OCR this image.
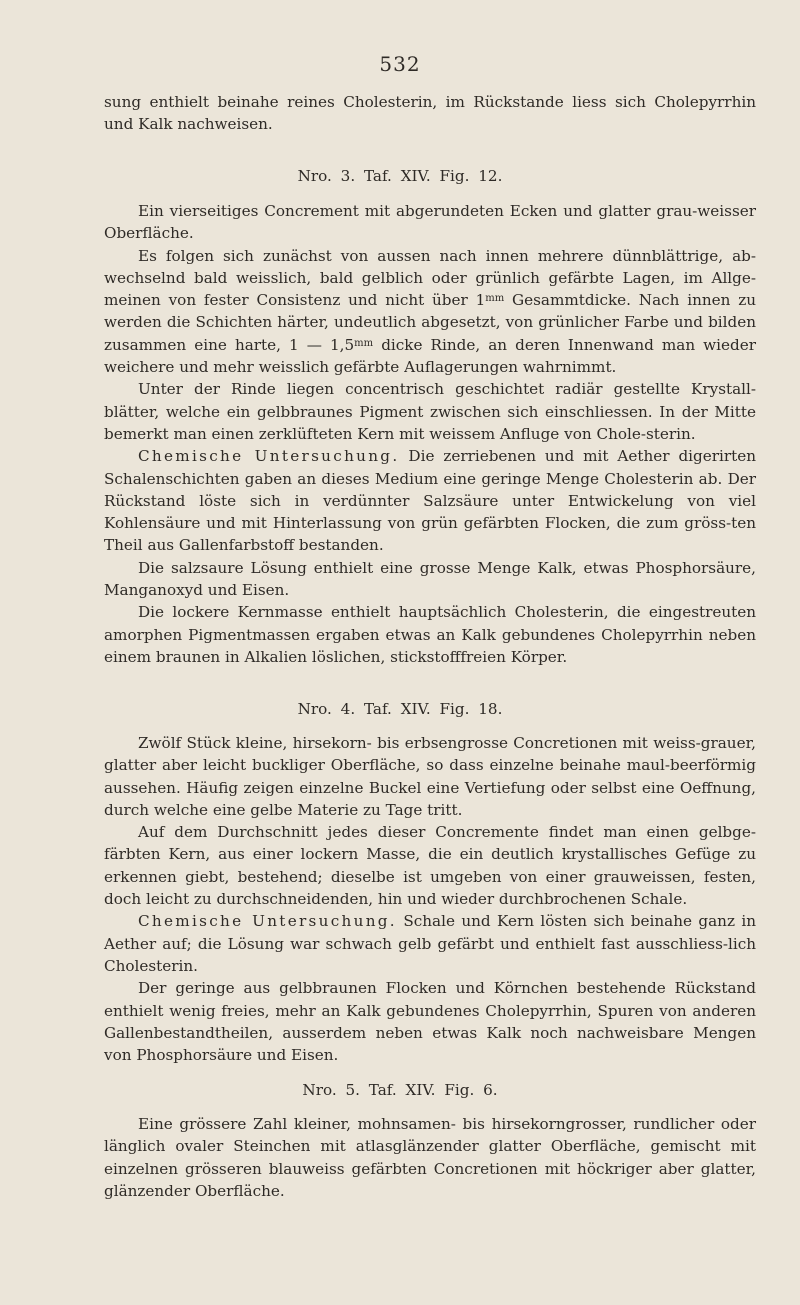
532

sung enthielt beinahe reines Cholesterin, im Rückstande liess sich Cholepyrrhin und Kalk nachweisen.

Nro. 3. Taf. XIV. Fig. 12.

Ein vierseitiges Concrement mit abgerundeten Ecken und glatter grau-weisser Oberfläche.

Es folgen sich zunächst von aussen nach innen mehrere dünnblättrige, ab-wechselnd bald weisslich, bald gelblich oder grünlich gefärbte Lagen, im Allge-meinen von fester Consistenz und nicht über $1^{mm}$ Gesammtdicke. Nach innen zu werden die Schichten härter, undeutlich abgesetzt, von grünlicher Farbe und bilden zusammen eine harte, 1 — $1,5^{mm}$ dicke Rinde, an deren Innenwand man wieder weichere und mehr weisslich gefärbte Auflagerungen wahrnimmt.

Unter der Rinde liegen concentrisch geschichtet radiär gestellte Krystall-blätter, welche ein gelbbraunes Pigment zwischen sich einschliessen. In der Mitte bemerkt man einen zerklüfteten Kern mit weissem Anfluge von Chole-sterin.

Chemische Untersuchung. Die zerriebenen und mit Aether digerirten Schalenschichten gaben an dieses Medium eine geringe Menge Cholesterin ab. Der Rückstand löste sich in verdünnter Salzsäure unter Entwickelung von viel Kohlensäure und mit Hinterlassung von grün gefärbten Flocken, die zum gröss-ten Theil aus Gallenfarbstoff bestanden.

Die salzsaure Lösung enthielt eine grosse Menge Kalk, etwas Phosphorsäure, Manganoxyd und Eisen.

Die lockere Kernmasse enthielt hauptsächlich Cholesterin, die eingestreuten amorphen Pigmentmassen ergaben etwas an Kalk gebundenes Cholepyrrhin neben einem braunen in Alkalien löslichen, stickstofffreien Körper.

Nro. 4. Taf. XIV. Fig. 18.

Zwölf Stück kleine, hirsekorn- bis erbsengrosse Concretionen mit weiss-grauer, glatter aber leicht buckliger Oberfläche, so dass einzelne beinahe maul-beerförmig aussehen. Häufig zeigen einzelne Buckel eine Vertiefung oder selbst eine Oeffnung, durch welche eine gelbe Materie zu Tage tritt.

Auf dem Durchschnitt jedes dieser Concremente findet man einen gelbge-färbten Kern, aus einer lockern Masse, die ein deutlich krystallisches Gefüge zu erkennen giebt, bestehend; dieselbe ist umgeben von einer grauweissen, festen, doch leicht zu durchschneidenden, hin und wieder durchbrochenen Schale.

Chemische Untersuchung. Schale und Kern lösten sich beinahe ganz in Aether auf; die Lösung war schwach gelb gefärbt und enthielt fast ausschliess-lich Cholesterin.

Der geringe aus gelbbraunen Flocken und Körnchen bestehende Rückstand enthielt wenig freies, mehr an Kalk gebundenes Cholepyrrhin, Spuren von anderen Gallenbestandtheilen, ausserdem neben etwas Kalk noch nachweisbare Mengen von Phosphorsäure und Eisen.

Nro. 5. Taf. XIV. Fig. 6.

Eine grössere Zahl kleiner, mohnsamen- bis hirsekorngrosser, rundlicher oder länglich ovaler Steinchen mit atlasglänzender glatter Oberfläche, gemischt mit einzelnen grösseren blauweiss gefärbten Concretionen mit höckriger aber glatter, glänzender Oberfläche.
